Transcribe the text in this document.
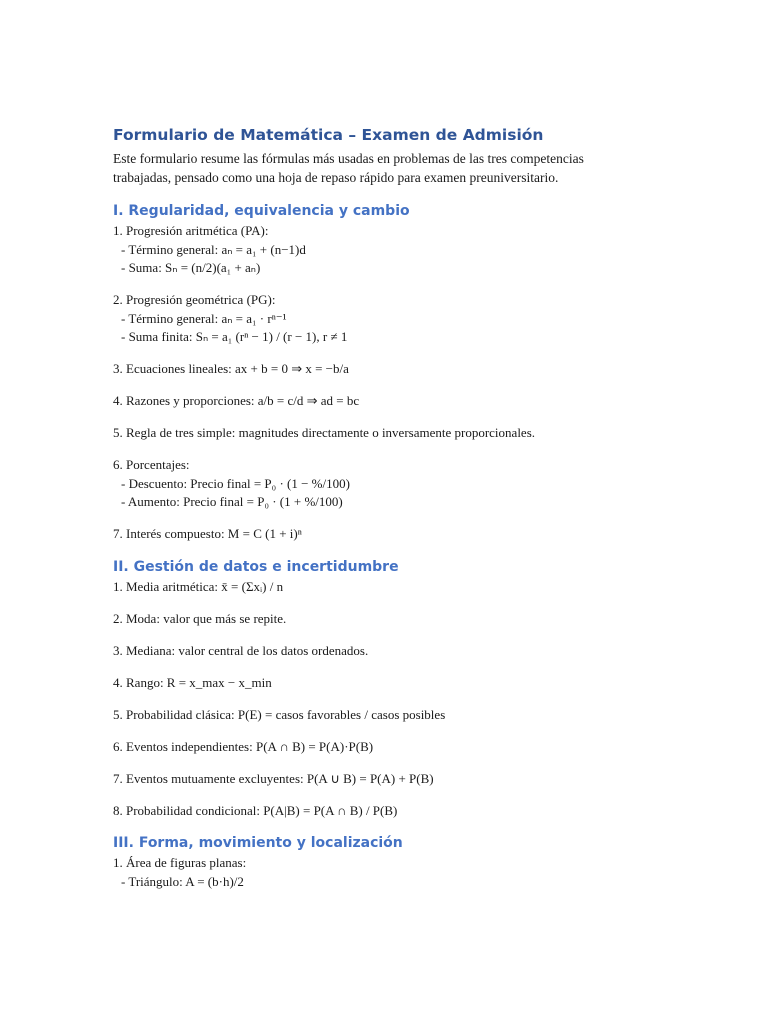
Formulario de Matemática – Examen de Admisión
Este formulario resume las fórmulas más usadas en problemas de las tres competencias trabajadas, pensado como una hoja de repaso rápido para examen preuniversitario.
I. Regularidad, equivalencia y cambio
1. Progresión aritmética (PA):
- Término general: aₙ = a₁ + (n−1)d
- Suma: Sₙ = (n/2)(a₁ + aₙ)
2. Progresión geométrica (PG):
- Término general: aₙ = a₁ · rⁿ⁻¹
- Suma finita: Sₙ = a₁ (rⁿ − 1) / (r − 1), r ≠ 1
3. Ecuaciones lineales: ax + b = 0 ⇒ x = −b/a
4. Razones y proporciones: a/b = c/d ⇒ ad = bc
5. Regla de tres simple: magnitudes directamente o inversamente proporcionales.
6. Porcentajes:
- Descuento: Precio final = P₀ · (1 − %/100)
- Aumento: Precio final = P₀ · (1 + %/100)
7. Interés compuesto: M = C (1 + i)ⁿ
II. Gestión de datos e incertidumbre
1. Media aritmética: x̄ = (Σxᵢ) / n
2. Moda: valor que más se repite.
3. Mediana: valor central de los datos ordenados.
4. Rango: R = x_max − x_min
5. Probabilidad clásica: P(E) = casos favorables / casos posibles
6. Eventos independientes: P(A ∩ B) = P(A)·P(B)
7. Eventos mutuamente excluyentes: P(A ∪ B) = P(A) + P(B)
8. Probabilidad condicional: P(A|B) = P(A ∩ B) / P(B)
III. Forma, movimiento y localización
1. Área de figuras planas:
- Triángulo: A = (b·h)/2
